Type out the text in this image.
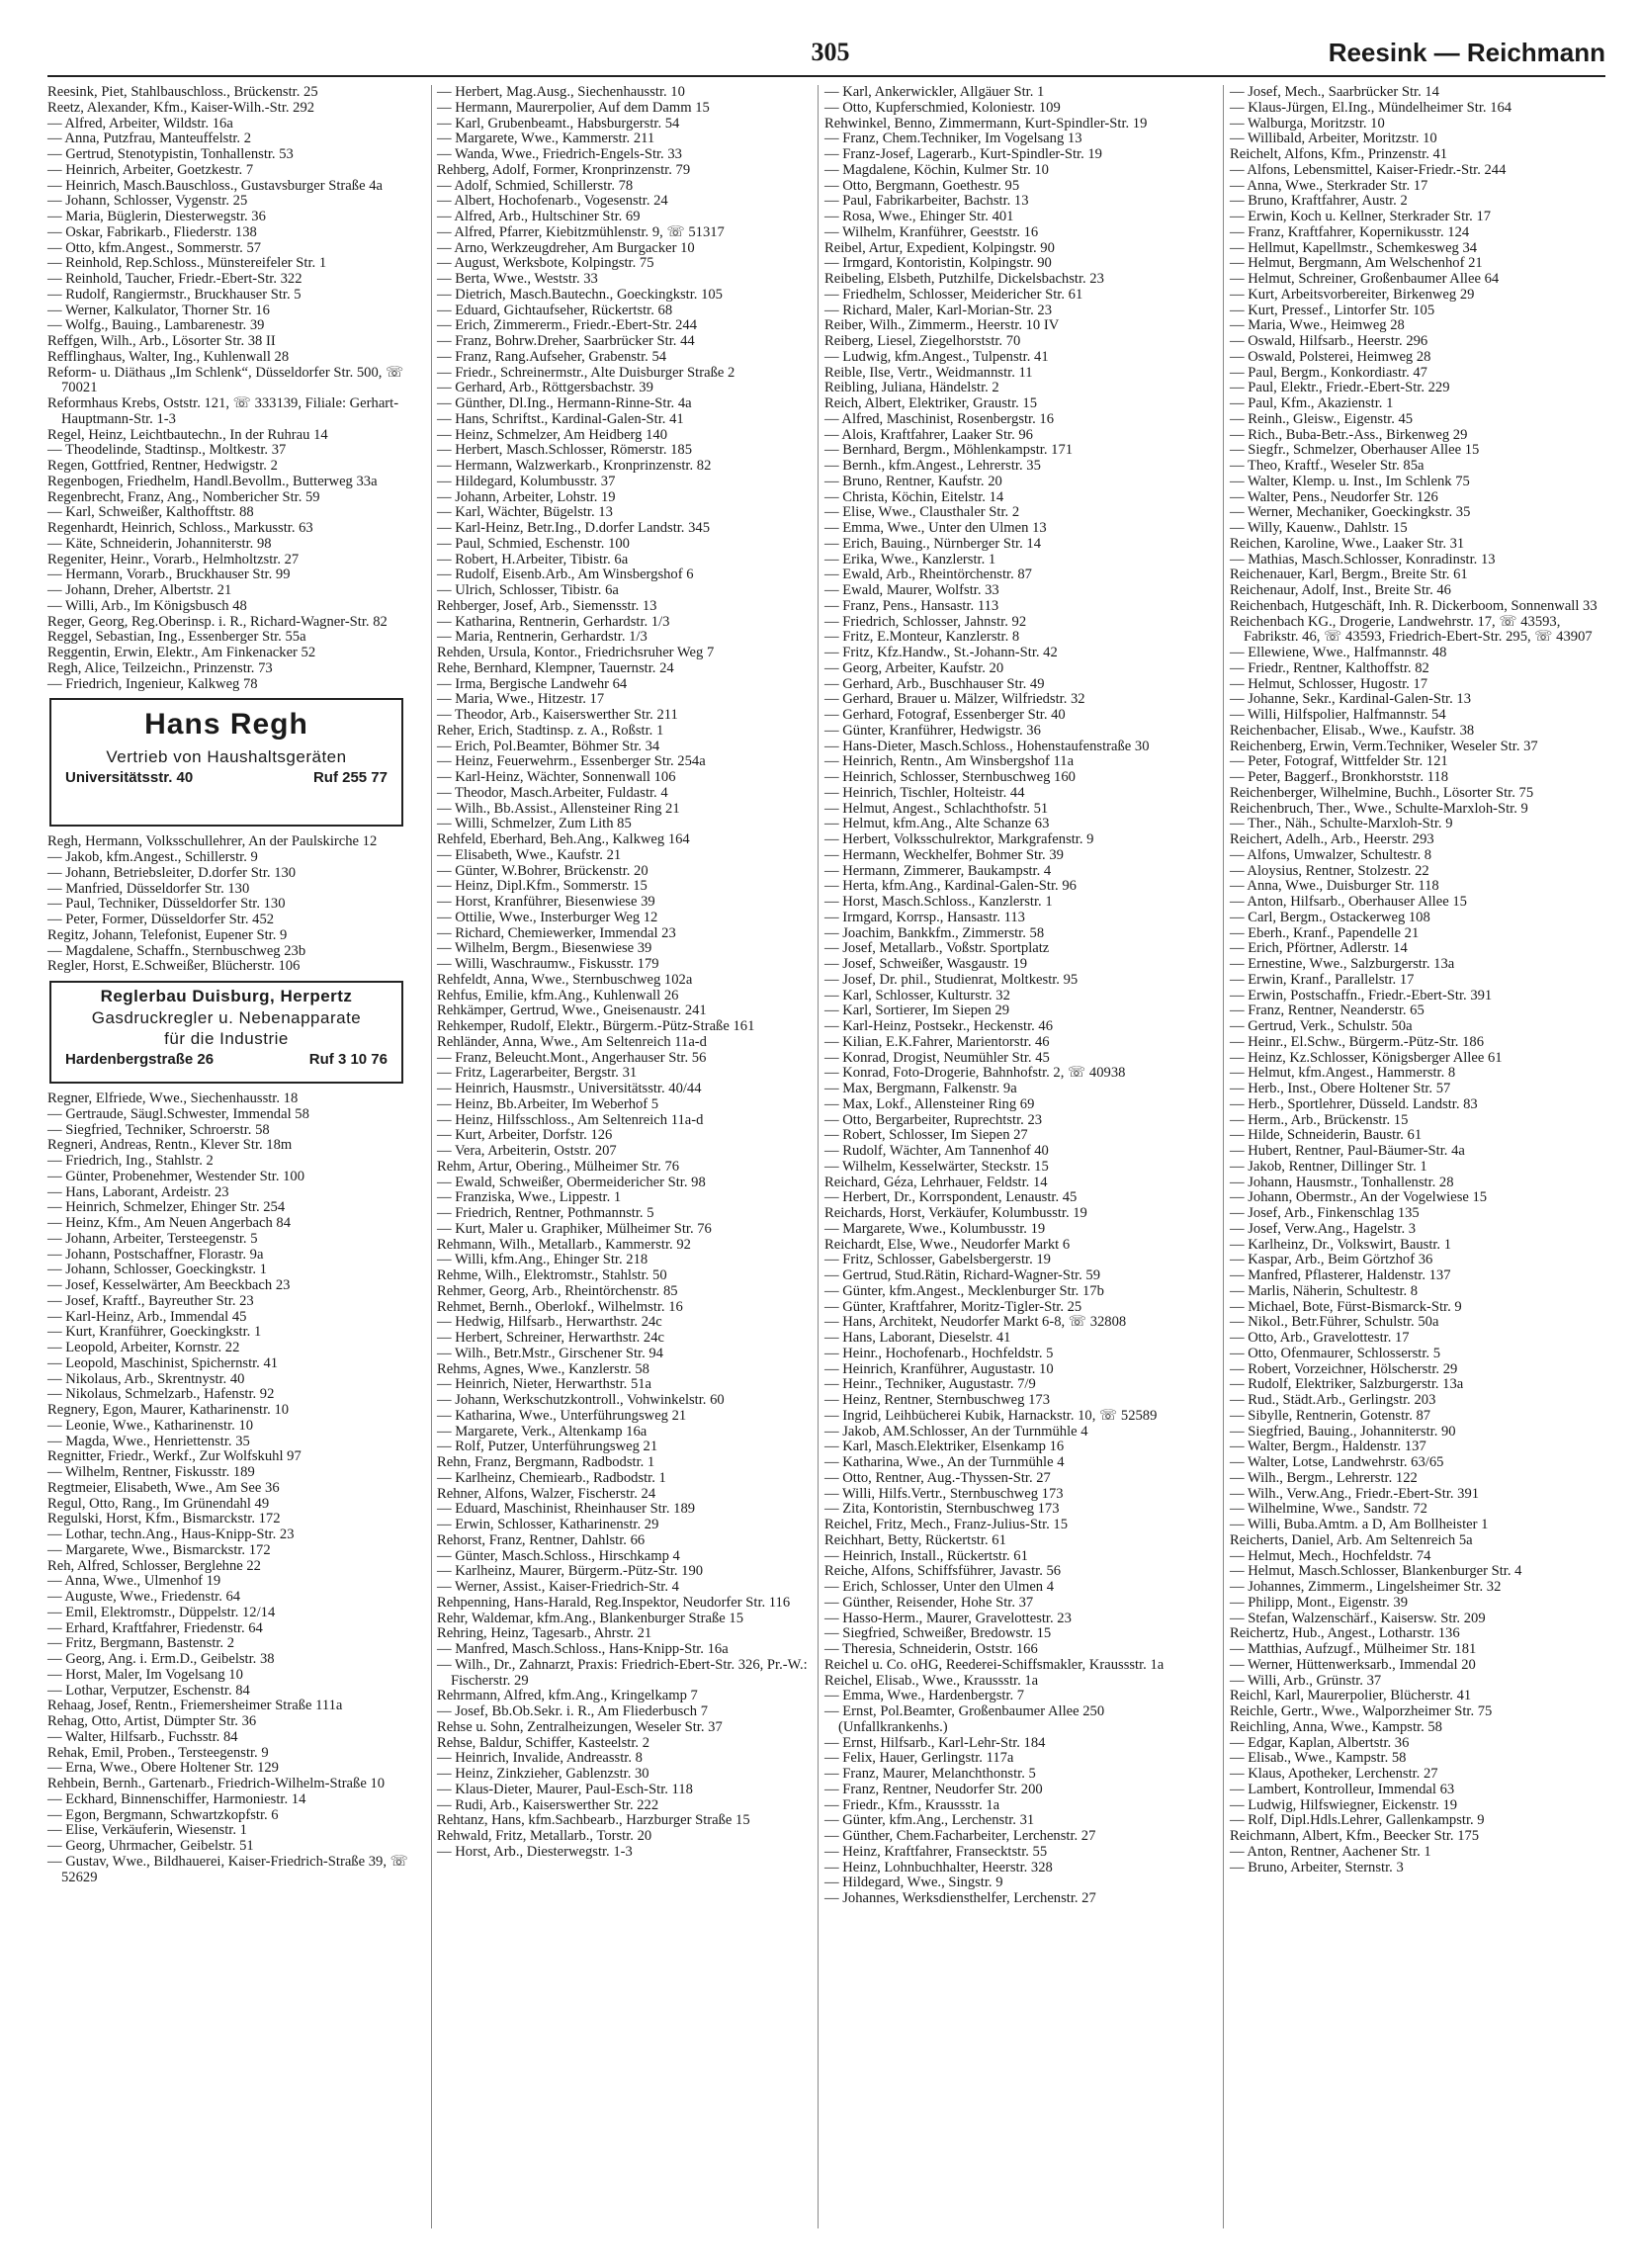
305	Reesink — Reichmann
Reesink, Piet, Stahlbauschloss., Brückenstr. 25
Reetz, Alexander, Kfm., Kaiser-Wilh.-Str. 292
— Alfred, Arbeiter, Wildstr. 16a
— Anna, Putzfrau, Manteuffelstr. 2
— Gertrud, Stenotypistin, Tonhallenstr. 53
— Heinrich, Arbeiter, Goetzkestr. 7
— Heinrich, Masch.Bauschloss., Gustavsburger Straße 4a
— Johann, Schlosser, Vygenstr. 25
— Maria, Büglerin, Diesterwegstr. 36
— Oskar, Fabrikarb., Fliederstr. 138
— Otto, kfm.Angest., Sommerstr. 57
— Reinhold, Rep.Schloss., Münstereifeler Str. 1
— Reinhold, Taucher, Friedr.-Ebert-Str. 322
— Rudolf, Rangiermstr., Bruckhauser Str. 5
— Werner, Kalkulator, Thorner Str. 16
— Wolfg., Bauing., Lambarenestr. 39
Reffgen, Wilh., Arb., Lösorter Str. 38 II
Refflinghaus, Walter, Ing., Kuhlenwall 28
Reform- u. Diäthaus „Im Schlenk“, Düsseldorfer Str. 500, ☏ 70021
Reformhaus Krebs, Oststr. 121, ☏ 333139, Filiale: Gerhart-Hauptmann-Str. 1-3
Regel, Heinz, Leichtbautechn., In der Ruhrau 14
— Theodelinde, Stadtinsp., Moltkestr. 37
Regen, Gottfried, Rentner, Hedwigstr. 2
Regenbogen, Friedhelm, Handl.Bevollm., Butterweg 33a
Regenbrecht, Franz, Ang., Nombericher Str. 59
— Karl, Schweißer, Kalthofftstr. 88
Regenhardt, Heinrich, Schloss., Markusstr. 63
— Käte, Schneiderin, Johanniterstr. 98
Regeniter, Heinr., Vorarb., Helmholtzstr. 27
— Hermann, Vorarb., Bruckhauser Str. 99
— Johann, Dreher, Albertstr. 21
— Willi, Arb., Im Königsbusch 48
Reger, Georg, Reg.Oberinsp. i. R., Richard-Wagner-Str. 82
Reggel, Sebastian, Ing., Essenberger Str. 55a
Reggentin, Erwin, Elektr., Am Finkenacker 52
Regh, Alice, Teilzeichn., Prinzenstr. 73
— Friedrich, Ingenieur, Kalkweg 78
Hans Regh
Vertrieb von Haushaltsgeräten
Universitätsstr. 40	Ruf 255 77
Regh, Hermann, Volksschullehrer, An der Paulskirche 12
— Jakob, kfm.Angest., Schillerstr. 9
— Johann, Betriebsleiter, D.dorfer Str. 130
— Manfried, Düsseldorfer Str. 130
— Paul, Techniker, Düsseldorfer Str. 130
— Peter, Former, Düsseldorfer Str. 452
Regitz, Johann, Telefonist, Eupener Str. 9
— Magdalene, Schaffn., Sternbuschweg 23b
Regler, Horst, E.Schweißer, Blücherstr. 106
Reglerbau Duisburg, Herpertz
Gasdruckregler u. Nebenapparate
für die Industrie
Hardenbergstraße 26	Ruf 3 10 76
Regner, Elfriede, Wwe., Siechenhausstr. 18
— Gertraude, Säugl.Schwester, Immendal 58
— Siegfried, Techniker, Schroerstr. 58
Regneri, Andreas, Rentn., Klever Str. 18m
— Friedrich, Ing., Stahlstr. 2
— Günter, Probenehmer, Westender Str. 100
— Hans, Laborant, Ardeistr. 23
— Heinrich, Schmelzer, Ehinger Str. 254
— Heinz, Kfm., Am Neuen Angerbach 84
— Johann, Arbeiter, Tersteegenstr. 5
— Johann, Postschaffner, Florastr. 9a
— Johann, Schlosser, Goeckingkstr. 1
— Josef, Kesselwärter, Am Beeckbach 23
— Josef, Kraftf., Bayreuther Str. 23
— Karl-Heinz, Arb., Immendal 45
— Kurt, Kranführer, Goeckingkstr. 1
— Leopold, Arbeiter, Kornstr. 22
— Leopold, Maschinist, Spichernstr. 41
— Nikolaus, Arb., Skrentnystr. 40
— Nikolaus, Schmelzarb., Hafenstr. 92
Regnery, Egon, Maurer, Katharinenstr. 10
— Leonie, Wwe., Katharinenstr. 10
— Magda, Wwe., Henriettenstr. 35
Regnitter, Friedr., Werkf., Zur Wolfskuhl 97
— Wilhelm, Rentner, Fiskusstr. 189
Regtmeier, Elisabeth, Wwe., Am See 36
Regul, Otto, Rang., Im Grünendahl 49
Regulski, Horst, Kfm., Bismarckstr. 172
— Lothar, techn.Ang., Haus-Knipp-Str. 23
— Margarete, Wwe., Bismarckstr. 172
Reh, Alfred, Schlosser, Berglehne 22
— Anna, Wwe., Ulmenhof 19
— Auguste, Wwe., Friedenstr. 64
— Emil, Elektromstr., Düppelstr. 12/14
— Erhard, Kraftfahrer, Friedenstr. 64
— Fritz, Bergmann, Bastenstr. 2
— Georg, Ang. i. Erm.D., Geibelstr. 38
— Horst, Maler, Im Vogelsang 10
— Lothar, Verputzer, Eschenstr. 84
Rehaag, Josef, Rentn., Friemersheimer Straße 111a
Rehag, Otto, Artist, Dümpter Str. 36
— Walter, Hilfsarb., Fuchsstr. 84
Rehak, Emil, Proben., Tersteegenstr. 9
— Erna, Wwe., Obere Holtener Str. 129
Rehbein, Bernh., Gartenarb., Friedrich-Wilhelm-Straße 10
— Eckhard, Binnenschiffer, Harmoniestr. 14
— Egon, Bergmann, Schwartzkopfstr. 6
— Elise, Verkäuferin, Wiesenstr. 1
— Georg, Uhrmacher, Geibelstr. 51
— Gustav, Wwe., Bildhauerei, Kaiser-Friedrich-Straße 39, ☏ 52629
— Herbert, Mag.Ausg., Siechenhausstr. 10
— Hermann, Maurerpolier, Auf dem Damm 15
— Karl, Grubenbeamt., Habsburgerstr. 54
— Margarete, Wwe., Kammerstr. 211
— Wanda, Wwe., Friedrich-Engels-Str. 33
Rehberg, Adolf, Former, Kronprinzenstr. 79
— Adolf, Schmied, Schillerstr. 78
— Albert, Hochofenarb., Vogesenstr. 24
— Alfred, Arb., Hultschiner Str. 69
— Alfred, Pfarrer, Kiebitzmühlenstr. 9, ☏ 51317
— Arno, Werkzeugdreher, Am Burgacker 10
— August, Werksbote, Kolpingstr. 75
— Berta, Wwe., Weststr. 33
— Dietrich, Masch.Bautechn., Goeckingkstr. 105
— Eduard, Gichtaufseher, Rückertstr. 68
— Erich, Zimmererm., Friedr.-Ebert-Str. 244
— Franz, Bohrw.Dreher, Saarbrücker Str. 44
— Franz, Rang.Aufseher, Grabenstr. 54
— Friedr., Schreinermstr., Alte Duisburger Straße 2
— Gerhard, Arb., Röttgersbachstr. 39
— Günther, Dl.Ing., Hermann-Rinne-Str. 4a
— Hans, Schriftst., Kardinal-Galen-Str. 41
— Heinz, Schmelzer, Am Heidberg 140
— Herbert, Masch.Schlosser, Römerstr. 185
— Hermann, Walzwerkarb., Kronprinzenstr. 82
— Hildegard, Kolumbusstr. 37
— Johann, Arbeiter, Lohstr. 19
— Karl, Wächter, Bügelstr. 13
— Karl-Heinz, Betr.Ing., D.dorfer Landstr. 345
— Paul, Schmied, Eschenstr. 100
— Robert, H.Arbeiter, Tibistr. 6a
— Rudolf, Eisenb.Arb., Am Winsbergshof 6
— Ulrich, Schlosser, Tibistr. 6a
Rehberger, Josef, Arb., Siemensstr. 13
— Katharina, Rentnerin, Gerhardstr. 1/3
— Maria, Rentnerin, Gerhardstr. 1/3
Rehden, Ursula, Kontor., Friedrichsruher Weg 7
Rehe, Bernhard, Klempner, Tauernstr. 24
— Irma, Bergische Landwehr 64
— Maria, Wwe., Hitzestr. 17
— Theodor, Arb., Kaiserswerther Str. 211
Reher, Erich, Stadtinsp. z. A., Roßstr. 1
— Erich, Pol.Beamter, Böhmer Str. 34
— Heinz, Feuerwehrm., Essenberger Str. 254a
— Karl-Heinz, Wächter, Sonnenwall 106
— Theodor, Masch.Arbeiter, Fuldastr. 4
— Wilh., Bb.Assist., Allensteiner Ring 21
— Willi, Schmelzer, Zum Lith 85
Rehfeld, Eberhard, Beh.Ang., Kalkweg 164
— Elisabeth, Wwe., Kaufstr. 21
— Günter, W.Bohrer, Brückenstr. 20
— Heinz, Dipl.Kfm., Sommerstr. 15
— Horst, Kranführer, Biesenwiese 39
— Ottilie, Wwe., Insterburger Weg 12
— Richard, Chemiewerker, Immendal 23
— Wilhelm, Bergm., Biesenwiese 39
— Willi, Waschraumw., Fiskusstr. 179
Rehfeldt, Anna, Wwe., Sternbuschweg 102a
Rehfus, Emilie, kfm.Ang., Kuhlenwall 26
Rehkämper, Gertrud, Wwe., Gneisenaustr. 241
Rehkemper, Rudolf, Elektr., Bürgerm.-Pütz-Straße 161
Rehländer, Anna, Wwe., Am Seltenreich 11a-d
— Franz, Beleucht.Mont., Angerhauser Str. 56
— Fritz, Lagerarbeiter, Bergstr. 31
— Heinrich, Hausmstr., Universitätsstr. 40/44
— Heinz, Bb.Arbeiter, Im Weberhof 5
— Heinz, Hilfsschloss., Am Seltenreich 11a-d
— Kurt, Arbeiter, Dorfstr. 126
— Vera, Arbeiterin, Oststr. 207
Rehm, Artur, Obering., Mülheimer Str. 76
— Ewald, Schweißer, Obermeidericher Str. 98
— Franziska, Wwe., Lippestr. 1
— Friedrich, Rentner, Pothmannstr. 5
— Kurt, Maler u. Graphiker, Mülheimer Str. 76
Rehmann, Wilh., Metallarb., Kammerstr. 92
— Willi, kfm.Ang., Ehinger Str. 218
Rehme, Wilh., Elektromstr., Stahlstr. 50
Rehmer, Georg, Arb., Rheintörchenstr. 85
Rehmet, Bernh., Oberlokf., Wilhelmstr. 16
— Hedwig, Hilfsarb., Herwarthstr. 24c
— Herbert, Schreiner, Herwarthstr. 24c
— Wilh., Betr.Mstr., Girschener Str. 94
Rehms, Agnes, Wwe., Kanzlerstr. 58
— Heinrich, Nieter, Herwarthstr. 51a
— Johann, Werkschutzkontroll., Vohwinkelstr. 60
— Katharina, Wwe., Unterführungsweg 21
— Margarete, Verk., Altenkamp 16a
— Rolf, Putzer, Unterführungsweg 21
Rehn, Franz, Bergmann, Radbodstr. 1
— Karlheinz, Chemiearb., Radbodstr. 1
Rehner, Alfons, Walzer, Fischerstr. 24
— Eduard, Maschinist, Rheinhauser Str. 189
— Erwin, Schlosser, Katharinenstr. 29
Rehorst, Franz, Rentner, Dahlstr. 66
— Günter, Masch.Schloss., Hirschkamp 4
— Karlheinz, Maurer, Bürgerm.-Pütz-Str. 190
— Werner, Assist., Kaiser-Friedrich-Str. 4
Rehpenning, Hans-Harald, Reg.Inspektor, Neudorfer Str. 116
Rehr, Waldemar, kfm.Ang., Blankenburger Straße 15
Rehring, Heinz, Tagesarb., Ahrstr. 21
— Manfred, Masch.Schloss., Hans-Knipp-Str. 16a
— Wilh., Dr., Zahnarzt, Praxis: Friedrich-Ebert-Str. 326, Pr.-W.: Fischerstr. 29
Rehrmann, Alfred, kfm.Ang., Kringelkamp 7
— Josef, Bb.Ob.Sekr. i. R., Am Fliederbusch 7
Rehse u. Sohn, Zentralheizungen, Weseler Str. 37
Rehse, Baldur, Schiffer, Kasteelstr. 2
— Heinrich, Invalide, Andreasstr. 8
— Heinz, Zinkzieher, Gablenzstr. 30
— Klaus-Dieter, Maurer, Paul-Esch-Str. 118
— Rudi, Arb., Kaiserswerther Str. 222
Rehtanz, Hans, kfm.Sachbearb., Harzburger Straße 15
Rehwald, Fritz, Metallarb., Torstr. 20
— Horst, Arb., Diesterwegstr. 1-3
— Karl, Ankerwickler, Allgäuer Str. 1
— Otto, Kupferschmied, Koloniestr. 109
Rehwinkel, Benno, Zimmermann, Kurt-Spindler-Str. 19
— Franz, Chem.Techniker, Im Vogelsang 13
— Franz-Josef, Lagerarb., Kurt-Spindler-Str. 19
— Magdalene, Köchin, Kulmer Str. 10
— Otto, Bergmann, Goethestr. 95
— Paul, Fabrikarbeiter, Bachstr. 13
— Rosa, Wwe., Ehinger Str. 401
— Wilhelm, Kranführer, Geeststr. 16
Reibel, Artur, Expedient, Kolpingstr. 90
— Irmgard, Kontoristin, Kolpingstr. 90
Reibeling, Elsbeth, Putzhilfe, Dickelsbachstr. 23
— Friedhelm, Schlosser, Meidericher Str. 61
— Richard, Maler, Karl-Morian-Str. 23
Reiber, Wilh., Zimmerm., Heerstr. 10 IV
Reiberg, Liesel, Ziegelhorststr. 70
— Ludwig, kfm.Angest., Tulpenstr. 41
Reible, Ilse, Vertr., Weidmannstr. 11
Reibling, Juliana, Händelstr. 2
Reich, Albert, Elektriker, Graustr. 15
— Alfred, Maschinist, Rosenbergstr. 16
— Alois, Kraftfahrer, Laaker Str. 96
— Bernhard, Bergm., Möhlenkampstr. 171
— Bernh., kfm.Angest., Lehrerstr. 35
— Bruno, Rentner, Kaufstr. 20
— Christa, Köchin, Eitelstr. 14
— Elise, Wwe., Clausthaler Str. 2
— Emma, Wwe., Unter den Ulmen 13
— Erich, Bauing., Nürnberger Str. 14
— Erika, Wwe., Kanzlerstr. 1
— Ewald, Arb., Rheintörchenstr. 87
— Ewald, Maurer, Wolfstr. 33
— Franz, Pens., Hansastr. 113
— Friedrich, Schlosser, Jahnstr. 92
— Fritz, E.Monteur, Kanzlerstr. 8
— Fritz, Kfz.Handw., St.-Johann-Str. 42
— Georg, Arbeiter, Kaufstr. 20
— Gerhard, Arb., Buschhauser Str. 49
— Gerhard, Brauer u. Mälzer, Wilfriedstr. 32
— Gerhard, Fotograf, Essenberger Str. 40
— Günter, Kranführer, Hedwigstr. 36
— Hans-Dieter, Masch.Schloss., Hohenstaufenstraße 30
— Heinrich, Rentn., Am Winsbergshof 11a
— Heinrich, Schlosser, Sternbuschweg 160
— Heinrich, Tischler, Holteistr. 44
— Helmut, Angest., Schlachthofstr. 51
— Helmut, kfm.Ang., Alte Schanze 63
— Herbert, Volksschulrektor, Markgrafenstr. 9
— Hermann, Weckhelfer, Bohmer Str. 39
— Hermann, Zimmerer, Baukampstr. 4
— Herta, kfm.Ang., Kardinal-Galen-Str. 96
— Horst, Masch.Schloss., Kanzlerstr. 1
— Irmgard, Korrsp., Hansastr. 113
— Joachim, Bankkfm., Zimmerstr. 58
— Josef, Metallarb., Voßstr. Sportplatz
— Josef, Schweißer, Wasgaustr. 19
— Josef, Dr. phil., Studienrat, Moltkestr. 95
— Karl, Schlosser, Kulturstr. 32
— Karl, Sortierer, Im Siepen 29
— Karl-Heinz, Postsekr., Heckenstr. 46
— Kilian, E.K.Fahrer, Marientorstr. 46
— Konrad, Drogist, Neumühler Str. 45
— Konrad, Foto-Drogerie, Bahnhofstr. 2, ☏ 40938
— Max, Bergmann, Falkenstr. 9a
— Max, Lokf., Allensteiner Ring 69
— Otto, Bergarbeiter, Ruprechtstr. 23
— Robert, Schlosser, Im Siepen 27
— Rudolf, Wächter, Am Tannenhof 40
— Wilhelm, Kesselwärter, Steckstr. 15
Reichard, Géza, Lehrhauer, Feldstr. 14
— Herbert, Dr., Korrspondent, Lenaustr. 45
Reichards, Horst, Verkäufer, Kolumbusstr. 19
— Margarete, Wwe., Kolumbusstr. 19
Reichardt, Else, Wwe., Neudorfer Markt 6
— Fritz, Schlosser, Gabelsbergerstr. 19
— Gertrud, Stud.Rätin, Richard-Wagner-Str. 59
— Günter, kfm.Angest., Mecklenburger Str. 17b
— Günter, Kraftfahrer, Moritz-Tigler-Str. 25
— Hans, Architekt, Neudorfer Markt 6-8, ☏ 32808
— Hans, Laborant, Dieselstr. 41
— Heinr., Hochofenarb., Hochfeldstr. 5
— Heinrich, Kranführer, Augustastr. 10
— Heinr., Techniker, Augustastr. 7/9
— Heinz, Rentner, Sternbuschweg 173
— Ingrid, Leihbücherei Kubik, Harnackstr. 10, ☏ 52589
— Jakob, AM.Schlosser, An der Turnmühle 4
— Karl, Masch.Elektriker, Elsenkamp 16
— Katharina, Wwe., An der Turnmühle 4
— Otto, Rentner, Aug.-Thyssen-Str. 27
— Willi, Hilfs.Vertr., Sternbuschweg 173
— Zita, Kontoristin, Sternbuschweg 173
Reichel, Fritz, Mech., Franz-Julius-Str. 15
Reichhart, Betty, Rückertstr. 61
— Heinrich, Install., Rückertstr. 61
Reiche, Alfons, Schiffsführer, Javastr. 56
— Erich, Schlosser, Unter den Ulmen 4
— Günther, Reisender, Hohe Str. 37
— Hasso-Herm., Maurer, Gravelottestr. 23
— Siegfried, Schweißer, Bredowstr. 15
— Theresia, Schneiderin, Oststr. 166
Reichel u. Co. oHG, Reederei-Schiffsmakler, Kraussstr. 1a
Reichel, Elisab., Wwe., Kraussstr. 1a
— Emma, Wwe., Hardenbergstr. 7
— Ernst, Pol.Beamter, Großenbaumer Allee 250 (Unfallkrankenhs.)
— Ernst, Hilfsarb., Karl-Lehr-Str. 184
— Felix, Hauer, Gerlingstr. 117a
— Franz, Maurer, Melanchthonstr. 5
— Franz, Rentner, Neudorfer Str. 200
— Friedr., Kfm., Kraussstr. 1a
— Günter, kfm.Ang., Lerchenstr. 31
— Günther, Chem.Facharbeiter, Lerchenstr. 27
— Heinz, Kraftfahrer, Fransecktstr. 55
— Heinz, Lohnbuchhalter, Heerstr. 328
— Hildegard, Wwe., Singstr. 9
— Johannes, Werksdiensthelfer, Lerchenstr. 27
— Josef, Mech., Saarbrücker Str. 14
— Klaus-Jürgen, El.Ing., Mündelheimer Str. 164
— Walburga, Moritzstr. 10
— Willibald, Arbeiter, Moritzstr. 10
Reichelt, Alfons, Kfm., Prinzenstr. 41
— Alfons, Lebensmittel, Kaiser-Friedr.-Str. 244
— Anna, Wwe., Sterkrader Str. 17
— Bruno, Kraftfahrer, Austr. 2
— Erwin, Koch u. Kellner, Sterkrader Str. 17
— Franz, Kraftfahrer, Kopernikusstr. 124
— Hellmut, Kapellmstr., Schemkesweg 34
— Helmut, Bergmann, Am Welschenhof 21
— Helmut, Schreiner, Großenbaumer Allee 64
— Kurt, Arbeitsvorbereiter, Birkenweg 29
— Kurt, Pressef., Lintorfer Str. 105
— Maria, Wwe., Heimweg 28
— Oswald, Hilfsarb., Heerstr. 296
— Oswald, Polsterei, Heimweg 28
— Paul, Bergm., Konkordiastr. 47
— Paul, Elektr., Friedr.-Ebert-Str. 229
— Paul, Kfm., Akazienstr. 1
— Reinh., Gleisw., Eigenstr. 45
— Rich., Buba-Betr.-Ass., Birkenweg 29
— Siegfr., Schmelzer, Oberhauser Allee 15
— Theo, Kraftf., Weseler Str. 85a
— Walter, Klemp. u. Inst., Im Schlenk 75
— Walter, Pens., Neudorfer Str. 126
— Werner, Mechaniker, Goeckingkstr. 35
— Willy, Kauenw., Dahlstr. 15
Reichen, Karoline, Wwe., Laaker Str. 31
— Mathias, Masch.Schlosser, Konradinstr. 13
Reichenauer, Karl, Bergm., Breite Str. 61
Reichenaur, Adolf, Inst., Breite Str. 46
Reichenbach, Hutgeschäft, Inh. R. Dickerboom, Sonnenwall 33
Reichenbach KG., Drogerie, Landwehrstr. 17, ☏ 43593, Fabrikstr. 46, ☏ 43593, Friedrich-Ebert-Str. 295, ☏ 43907
— Ellewiene, Wwe., Halfmannstr. 48
— Friedr., Rentner, Kalthoffstr. 82
— Helmut, Schlosser, Hugostr. 17
— Johanne, Sekr., Kardinal-Galen-Str. 13
— Willi, Hilfspolier, Halfmannstr. 54
Reichenbacher, Elisab., Wwe., Kaufstr. 38
Reichenberg, Erwin, Verm.Techniker, Weseler Str. 37
— Peter, Fotograf, Wittfelder Str. 121
— Peter, Baggerf., Bronkhorststr. 118
Reichenberger, Wilhelmine, Buchh., Lösorter Str. 75
Reichenbruch, Ther., Wwe., Schulte-Marxloh-Str. 9
— Ther., Näh., Schulte-Marxloh-Str. 9
Reichert, Adelh., Arb., Heerstr. 293
— Alfons, Umwalzer, Schultestr. 8
— Aloysius, Rentner, Stolzestr. 22
— Anna, Wwe., Duisburger Str. 118
— Anton, Hilfsarb., Oberhauser Allee 15
— Carl, Bergm., Ostackerweg 108
— Eberh., Kranf., Papendelle 21
— Erich, Pförtner, Adlerstr. 14
— Ernestine, Wwe., Salzburgerstr. 13a
— Erwin, Kranf., Parallelstr. 17
— Erwin, Postschaffn., Friedr.-Ebert-Str. 391
— Franz, Rentner, Neanderstr. 65
— Gertrud, Verk., Schulstr. 50a
— Heinr., El.Schw., Bürgerm.-Pütz-Str. 186
— Heinz, Kz.Schlosser, Königsberger Allee 61
— Helmut, kfm.Angest., Hammerstr. 8
— Herb., Inst., Obere Holtener Str. 57
— Herb., Sportlehrer, Düsseld. Landstr. 83
— Herm., Arb., Brückenstr. 15
— Hilde, Schneiderin, Baustr. 61
— Hubert, Rentner, Paul-Bäumer-Str. 4a
— Jakob, Rentner, Dillinger Str. 1
— Johann, Hausmstr., Tonhallenstr. 28
— Johann, Obermstr., An der Vogelwiese 15
— Josef, Arb., Finkenschlag 135
— Josef, Verw.Ang., Hagelstr. 3
— Karlheinz, Dr., Volkswirt, Baustr. 1
— Kaspar, Arb., Beim Görtzhof 36
— Manfred, Pflasterer, Haldenstr. 137
— Marlis, Näherin, Schultestr. 8
— Michael, Bote, Fürst-Bismarck-Str. 9
— Nikol., Betr.Führer, Schulstr. 50a
— Otto, Arb., Gravelottestr. 17
— Otto, Ofenmaurer, Schlosserstr. 5
— Robert, Vorzeichner, Hölscherstr. 29
— Rudolf, Elektriker, Salzburgerstr. 13a
— Rud., Städt.Arb., Gerlingstr. 203
— Sibylle, Rentnerin, Gotenstr. 87
— Siegfried, Bauing., Johanniterstr. 90
— Walter, Bergm., Haldenstr. 137
— Walter, Lotse, Landwehrstr. 63/65
— Wilh., Bergm., Lehrerstr. 122
— Wilh., Verw.Ang., Friedr.-Ebert-Str. 391
— Wilhelmine, Wwe., Sandstr. 72
— Willi, Buba.Amtm. a D, Am Bollheister 1
Reicherts, Daniel, Arb. Am Seltenreich 5a
— Helmut, Mech., Hochfeldstr. 74
— Helmut, Masch.Schlosser, Blankenburger Str. 4
— Johannes, Zimmerm., Lingelsheimer Str. 32
— Philipp, Mont., Eigenstr. 39
— Stefan, Walzenschärf., Kaisersw. Str. 209
Reichertz, Hub., Angest., Lotharstr. 136
— Matthias, Aufzugf., Mülheimer Str. 181
— Werner, Hüttenwerksarb., Immendal 20
— Willi, Arb., Grünstr. 37
Reichl, Karl, Maurerpolier, Blücherstr. 41
Reichle, Gertr., Wwe., Walporzheimer Str. 75
Reichling, Anna, Wwe., Kampstr. 58
— Edgar, Kaplan, Albertstr. 36
— Elisab., Wwe., Kampstr. 58
— Klaus, Apotheker, Lerchenstr. 27
— Lambert, Kontrolleur, Immendal 63
— Ludwig, Hilfswiegner, Eickenstr. 19
— Rolf, Dipl.Hdls.Lehrer, Gallenkampstr. 9
Reichmann, Albert, Kfm., Beecker Str. 175
— Anton, Rentner, Aachener Str. 1
— Bruno, Arbeiter, Sternstr. 3
